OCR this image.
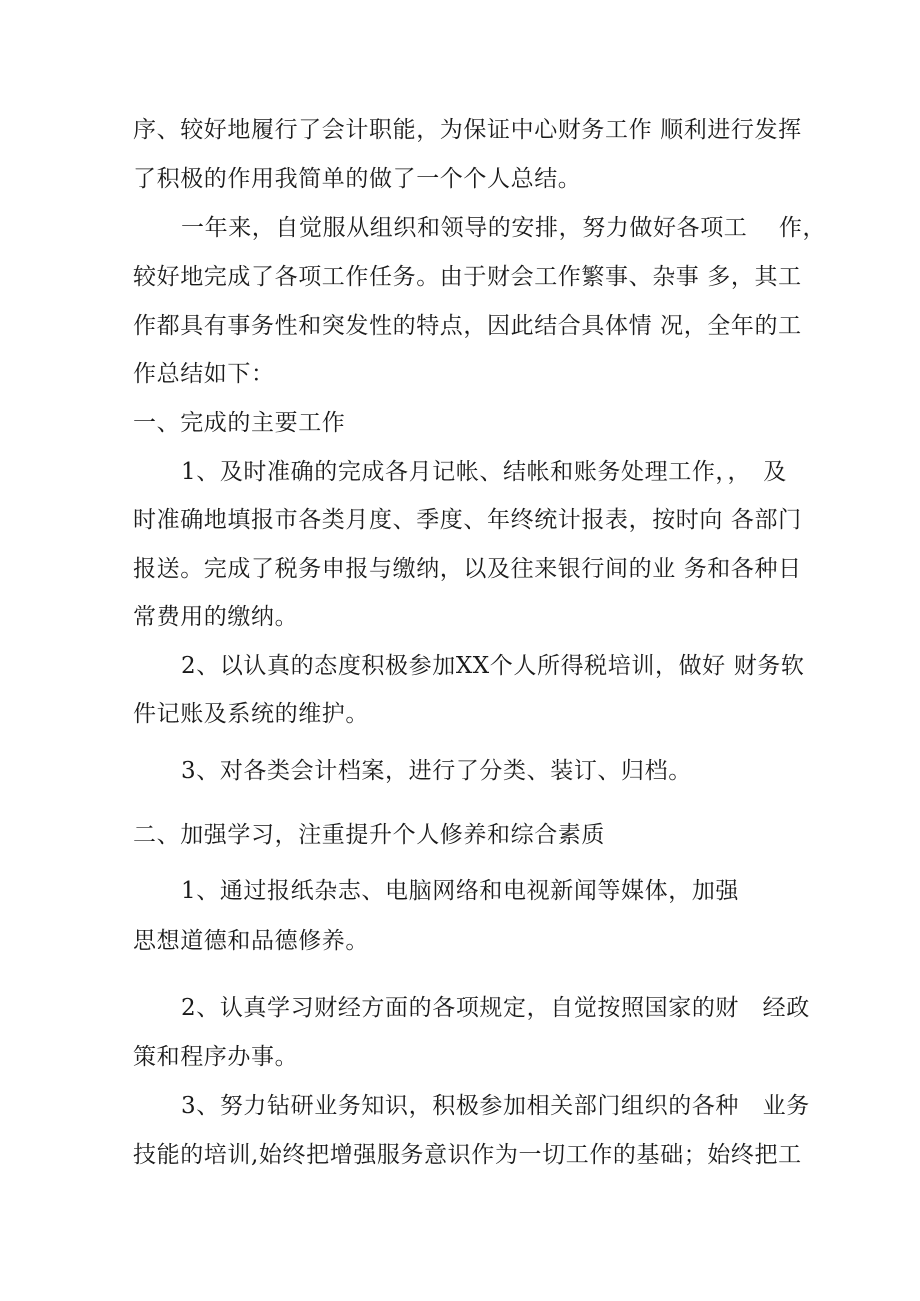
序、较好地履行了会计职能，为保证中心财务工作 顺利进行发挥
了积极的作用我简单的做了一个个人总结。
一年来，自觉服从组织和领导的安排，努力做好各项工　 作，
较好地完成了各项工作任务。由于财会工作繁事、杂事 多，其工
作都具有事务性和突发性的特点，因此结合具体情 况，全年的工
作总结如下：
一、完成的主要工作
1、及时准确的完成各月记帐、结帐和账务处理工作，，　及
时准确地填报市各类月度、季度、年终统计报表，按时向 各部门
报送。完成了税务申报与缴纳，以及往来银行间的业 务和各种日
常费用的缴纳。
2、以认真的态度积极参加XX个人所得税培训，做好 财务软
件记账及系统的维护。
3、对各类会计档案，进行了分类、装订、归档。
二、加强学习，注重提升个人修养和综合素质
1、通过报纸杂志、电脑网络和电视新闻等媒体，加强
思想道德和品德修养。
2、认真学习财经方面的各项规定，自觉按照国家的财　经政
策和程序办事。
3、努力钻研业务知识，积极参加相关部门组织的各种　业务
技能的培训,始终把增强服务意识作为一切工作的基础；始终把工
